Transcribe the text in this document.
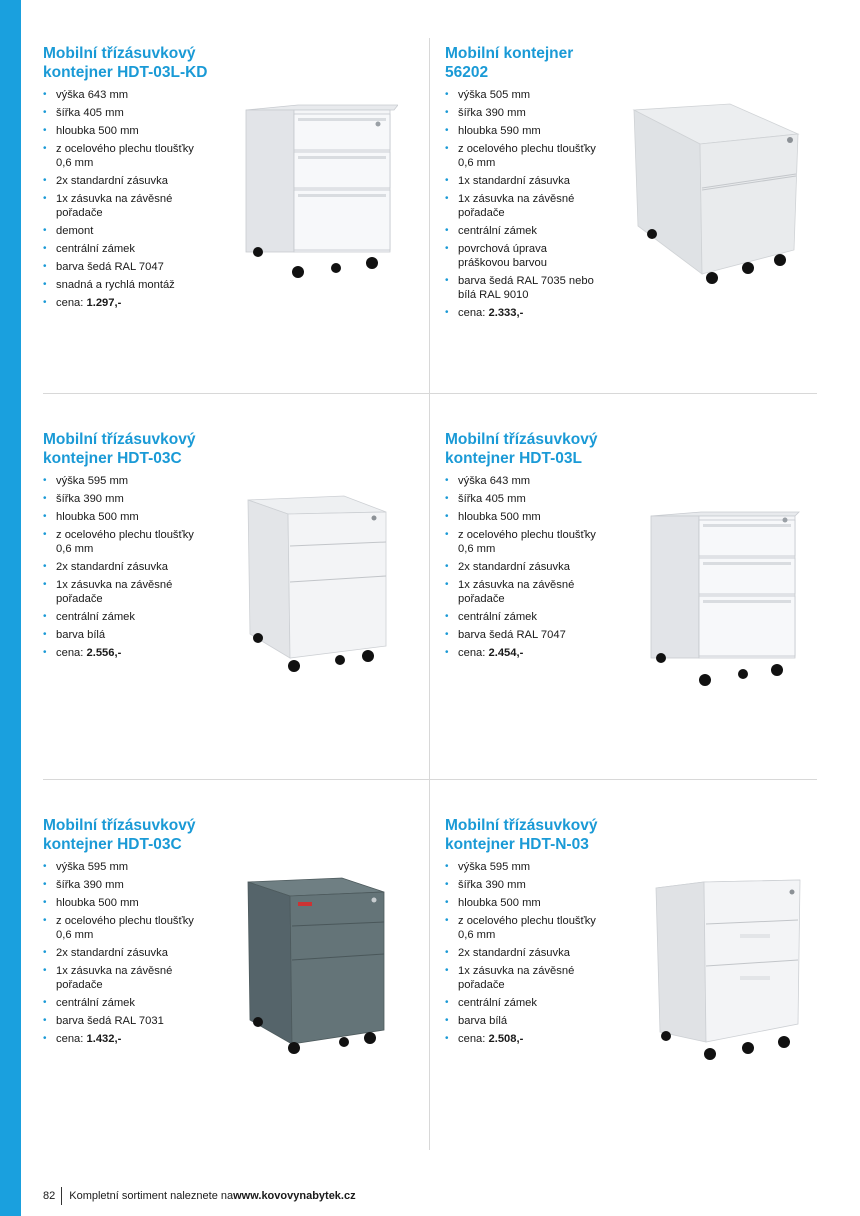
Mobilní třízásuvkový kontejner HDT-03L-KD
• výška 643 mm
• šířka 405 mm
• hloubka 500 mm
• z ocelového plechu tloušťky 0,6 mm
• 2x standardní zásuvka
• 1x zásuvka na závěsné pořadače
• demont
• centrální zámek
• barva šedá RAL 7047
• snadná a rychlá montáž
• cena: 1.297,-
Mobilní kontejner 56202
• výška 505 mm
• šířka 390 mm
• hloubka 590 mm
• z ocelového plechu tloušťky 0,6 mm
• 1x standardní zásuvka
• 1x zásuvka na závěsné pořadače
• centrální zámek
• povrchová úprava práškovou barvou
• barva šedá RAL 7035 nebo bílá RAL 9010
• cena: 2.333,-
Mobilní třízásuvkový kontejner HDT-03C
• výška 595 mm
• šířka 390 mm
• hloubka 500 mm
• z ocelového plechu tloušťky 0,6 mm
• 2x standardní zásuvka
• 1x zásuvka na závěsné pořadače
• centrální zámek
• barva bílá
• cena: 2.556,-
Mobilní třízásuvkový kontejner HDT-03L
• výška 643 mm
• šířka 405 mm
• hloubka 500 mm
• z ocelového plechu tloušťky 0,6 mm
• 2x standardní zásuvka
• 1x zásuvka na závěsné pořadače
• centrální zámek
• barva šedá RAL 7047
• cena: 2.454,-
Mobilní třízásuvkový kontejner HDT-03C
• výška 595 mm
• šířka 390 mm
• hloubka 500 mm
• z ocelového plechu tloušťky 0,6 mm
• 2x standardní zásuvka
• 1x zásuvka na závěsné pořadače
• centrální zámek
• barva šedá RAL 7031
• cena: 1.432,-
Mobilní třízásuvkový kontejner HDT-N-03
• výška 595 mm
• šířka 390 mm
• hloubka 500 mm
• z ocelového plechu tloušťky 0,6 mm
• 2x standardní zásuvka
• 1x zásuvka na závěsné pořadače
• centrální zámek
• barva bílá
• cena: 2.508,-
82 Kompletní sortiment naleznete na www.kovovynabytek.cz
